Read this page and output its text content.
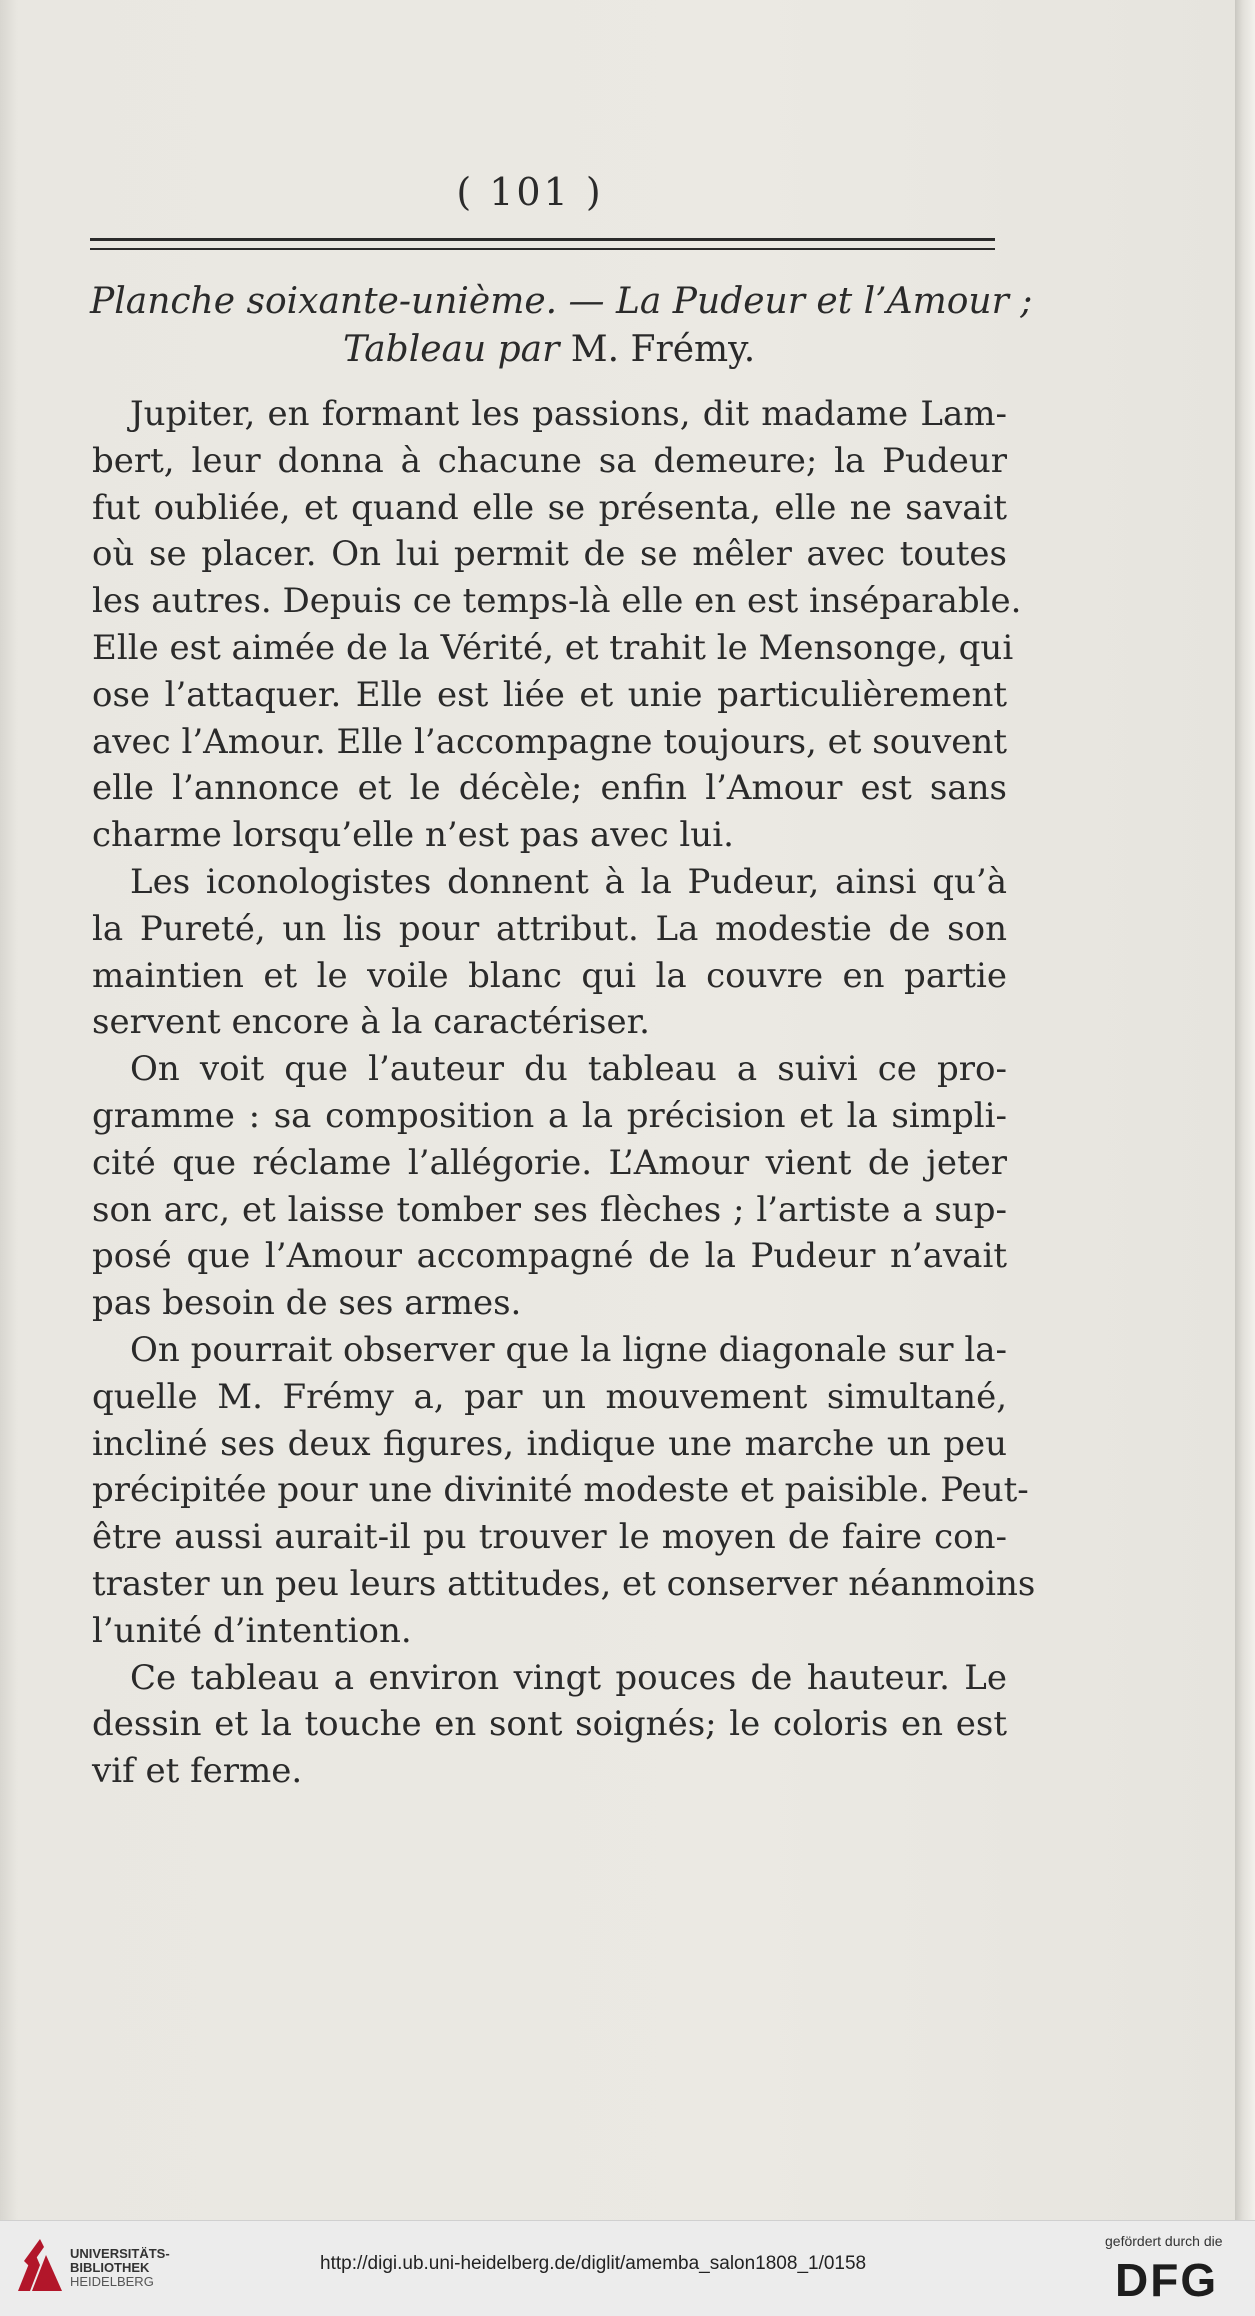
( 101 )
Planche soixante-unième. — La Pudeur et l’Amour ;
Tableau par M. Frémy.
Jupiter, en formant les passions, dit madame Lam-
bert, leur donna à chacune sa demeure; la Pudeur
fut oubliée, et quand elle se présenta, elle ne savait
où se placer. On lui permit de se mêler avec toutes
les autres. Depuis ce temps-là elle en est inséparable.
Elle est aimée de la Vérité, et trahit le Mensonge, qui
ose l’attaquer. Elle est liée et unie particulièrement
avec l’Amour. Elle l’accompagne toujours, et souvent
elle l’annonce et le décèle; enfin l’Amour est sans
charme lorsqu’elle n’est pas avec lui.
Les iconologistes donnent à la Pudeur, ainsi qu’à
la Pureté, un lis pour attribut. La modestie de son
maintien et le voile blanc qui la couvre en partie
servent encore à la caractériser.
On voit que l’auteur du tableau a suivi ce pro-
gramme : sa composition a la précision et la simpli-
cité que réclame l’allégorie. L’Amour vient de jeter
son arc, et laisse tomber ses flèches ; l’artiste a sup-
posé que l’Amour accompagné de la Pudeur n’avait
pas besoin de ses armes.
On pourrait observer que la ligne diagonale sur la-
quelle M. Frémy a, par un mouvement simultané,
incliné ses deux figures, indique une marche un peu
précipitée pour une divinité modeste et paisible. Peut-
être aussi aurait-il pu trouver le moyen de faire con-
traster un peu leurs attitudes, et conserver néanmoins
l’unité d’intention.
Ce tableau a environ vingt pouces de hauteur. Le
dessin et la touche en sont soignés; le coloris en est
vif et ferme.
UNIVERSITÄTS-
BIBLIOTHEK
HEIDELBERG
http://digi.ub.uni-heidelberg.de/diglit/amemba_salon1808_1/0158
gefördert durch die
DFG
